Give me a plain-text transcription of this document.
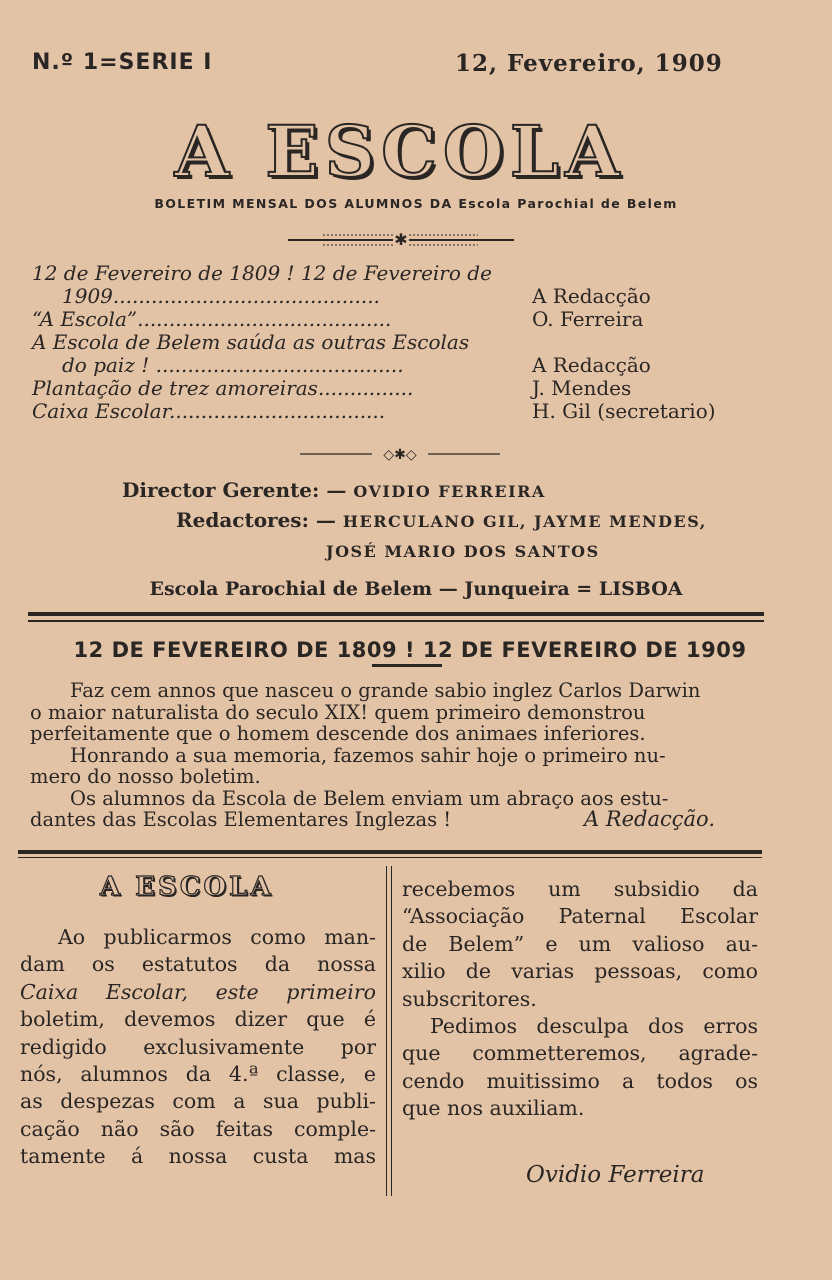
N.º 1=SERIE I	12, Fevereiro, 1909
A ESCOLA
BOLETIM MENSAL DOS ALUMNOS DA Escola Parochial de Belem
✱
12 de Fevereiro de 1809 ! 12 de Fevereiro de
1909..........................................	A Redacção
“A Escola”........................................	O. Ferreira
A Escola de Belem saúda as outras Escolas
do paiz ! .......................................	A Redacção
Plantação de trez amoreiras...............	J. Mendes
Caixa Escolar..................................	H. Gil (secretario)
◇✱◇
Director Gerente: — OVIDIO FERREIRA
Redactores: — HERCULANO GIL, JAYME MENDES,
JOSÉ MARIO DOS SANTOS
Escola Parochial de Belem — Junqueira = LISBOA
12 DE FEVEREIRO DE 1809 ! 12 DE FEVEREIRO DE 1909

Faz cem annos que nasceu o grande sabio inglez Carlos Darwin

o maior naturalista do seculo XIX! quem primeiro demonstrou

perfeitamente que o homem descende dos animaes inferiores.

Honrando a sua memoria, fazemos sahir hoje o primeiro nu-

mero do nosso boletim.

Os alumnos da Escola de Belem enviam um abraço aos estu-

dantes das Escolas Elementares Inglezas !	A Redacção.

A ESCOLA

Ao publicarmos como man-

dam os estatutos da nossa

Caixa Escolar, este primeiro

boletim, devemos dizer que é

redigido exclusivamente por

nós, alumnos da 4.ª classe, e

as despezas com a sua publi-

cação não são feitas comple-

tamente á nossa custa mas

recebemos um subsidio da

“Associação Paternal Escolar

de Belem” e um valioso au-

xilio de varias pessoas, como

subscritores.

Pedimos desculpa dos erros

que commetteremos, agrade-

cendo muitissimo a todos os

que nos auxiliam.

Ovidio Ferreira
